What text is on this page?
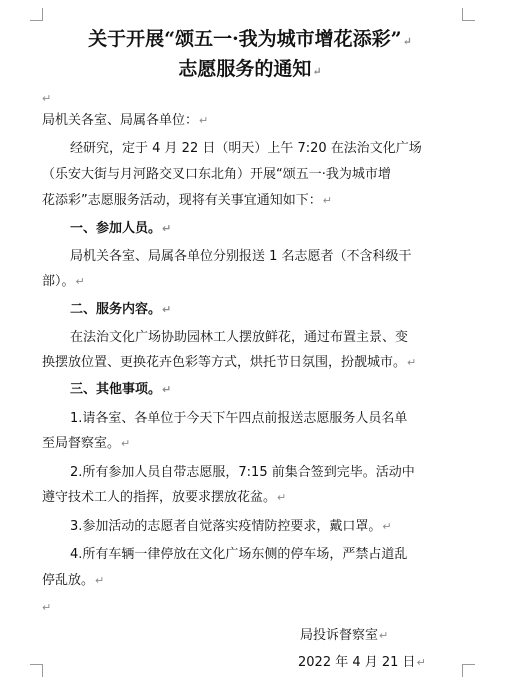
关于开展“颂五一·我为城市增花添彩”↵
志愿服务的通知↵
↵
局机关各室、局属各单位：↵
经研究，定于 4 月 22 日（明天）上午 7:20 在法治文化广场
（乐安大街与月河路交叉口东北角）开展“颂五一·我为城市增
花添彩”志愿服务活动，现将有关事宜通知如下：↵
一、参加人员。↵
局机关各室、局属各单位分别报送 1 名志愿者（不含科级干
部）。↵
二、服务内容。↵
在法治文化广场协助园林工人摆放鲜花，通过布置主景、变
换摆放位置、更换花卉色彩等方式，烘托节日氛围，扮靓城市。↵
三、其他事项。↵
1.请各室、各单位于今天下午四点前报送志愿服务人员名单
至局督察室。↵
2.所有参加人员自带志愿服，7:15 前集合签到完毕。活动中
遵守技术工人的指挥，放要求摆放花盆。↵
3.参加活动的志愿者自觉落实疫情防控要求，戴口罩。↵
4.所有车辆一律停放在文化广场东侧的停车场，严禁占道乱
停乱放。↵
↵
局投诉督察室↵
2022 年 4 月 21 日↵
